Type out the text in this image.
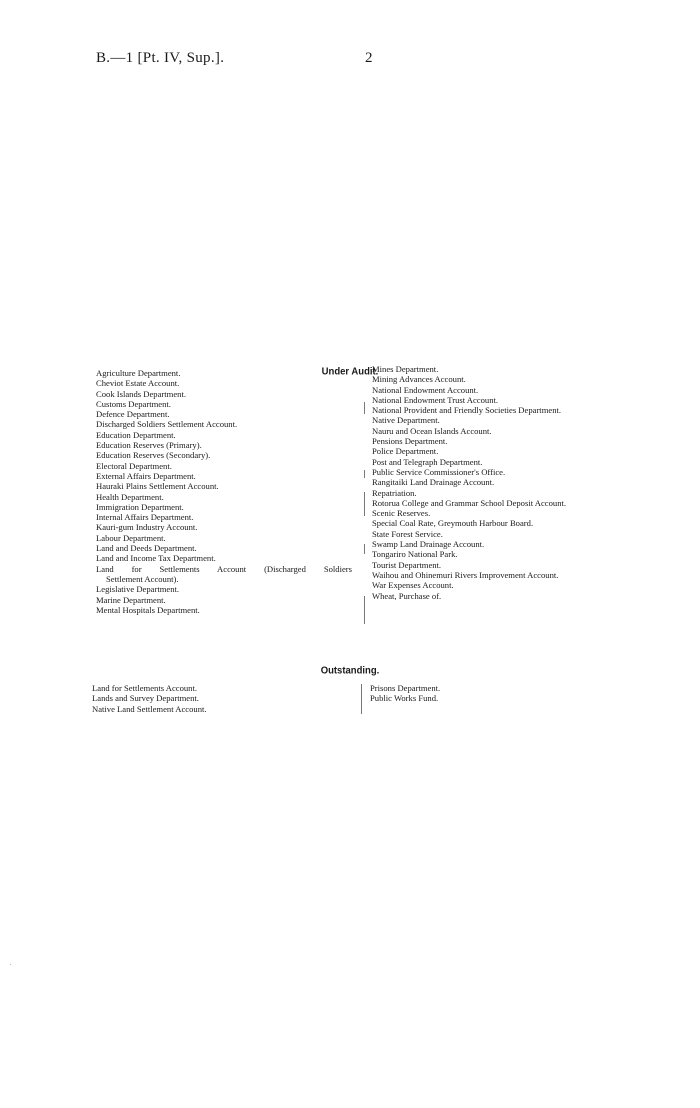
B.—1 [Pt. IV, Sup.].	2
Under Audit.
Agriculture Department.
Cheviot Estate Account.
Cook Islands Department.
Customs Department.
Defence Department.
Discharged Soldiers Settlement Account.
Education Department.
Education Reserves (Primary).
Education Reserves (Secondary).
Electoral Department.
External Affairs Department.
Hauraki Plains Settlement Account.
Health Department.
Immigration Department.
Internal Affairs Department.
Kauri-gum Industry Account.
Labour Department.
Land and Deeds Department.
Land and Income Tax Department.
Land for Settlements Account (Discharged Soldiers
Settlement Account).
Legislative Department.
Marine Department.
Mental Hospitals Department.
Mines Department.
Mining Advances Account.
National Endowment Account.
National Endowment Trust Account.
National Provident and Friendly Societies Department.
Native Department.
Nauru and Ocean Islands Account.
Pensions Department.
Police Department.
Post and Telegraph Department.
Public Service Commissioner's Office.
Rangitaiki Land Drainage Account.
Repatriation.
Rotorua College and Grammar School Deposit Account.
Scenic Reserves.
Special Coal Rate, Greymouth Harbour Board.
State Forest Service.
Swamp Land Drainage Account.
Tongariro National Park.
Tourist Department.
Waihou and Ohinemuri Rivers Improvement Account.
War Expenses Account.
Wheat, Purchase of.
Outstanding.
Land for Settlements Account.
Lands and Survey Department.
Native Land Settlement Account.
Prisons Department.
Public Works Fund.
